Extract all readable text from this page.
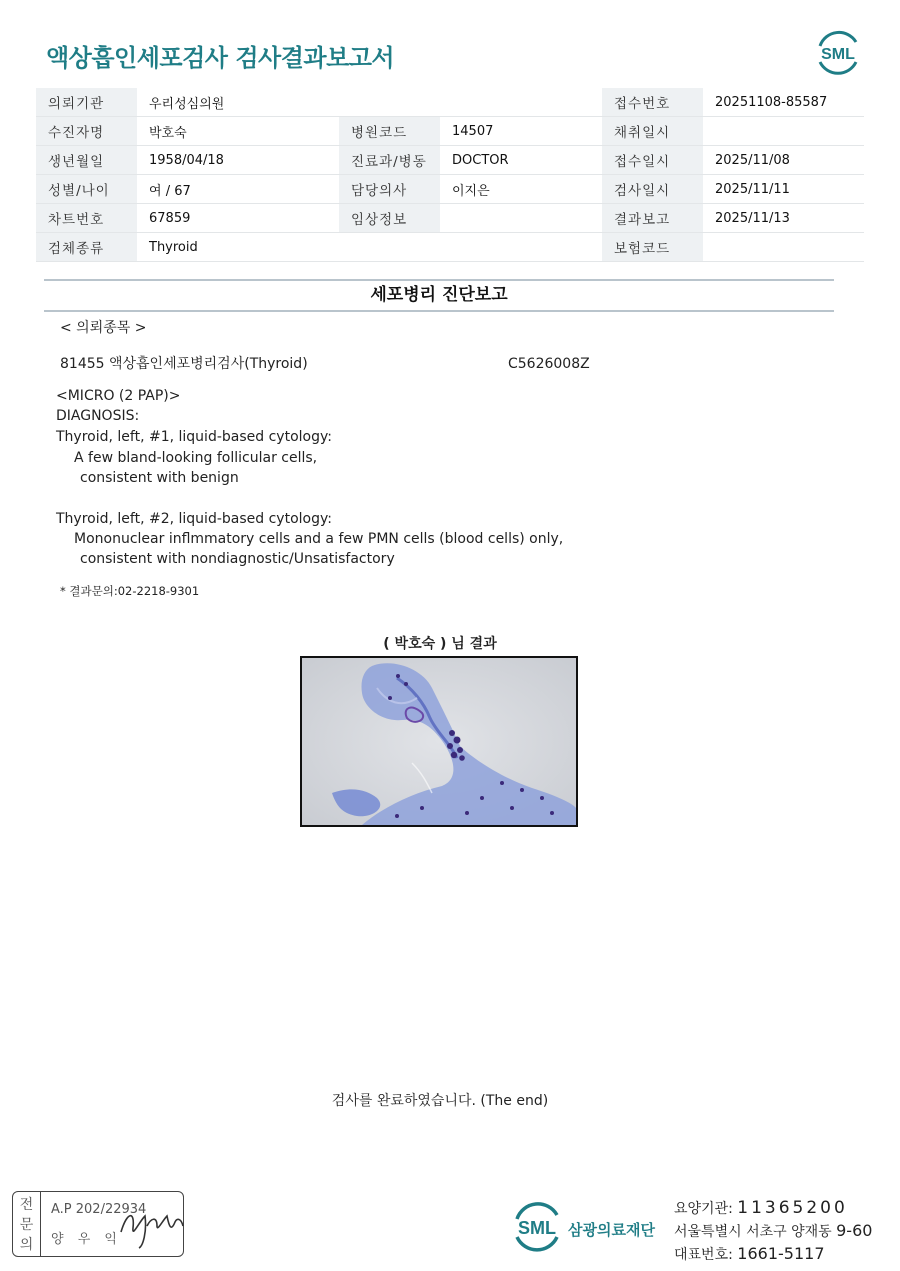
액상흡인세포검사 검사결과보고서	SML
의뢰기관	우리성심의원			접수번호	20251108-85587
수진자명	박호숙	병원코드	14507	채취일시	
생년월일	1958/04/18	진료과/병동	DOCTOR	접수일시	2025/11/08
성별/나이	여 / 67	담당의사	이지은	검사일시	2025/11/11
차트번호	67859	임상정보		결과보고	2025/11/13
검체종류	Thyroid			보험코드	
세포병리 진단보고
< 의뢰종목 >
81455 액상흡인세포병리검사(Thyroid)	C5626008Z
<MICRO (2 PAP)>
DIAGNOSIS:
Thyroid, left, #1, liquid-based cytology:
A few bland-looking follicular cells,
consistent with benign
Thyroid, left, #2, liquid-based cytology:
Mononuclear inflmmatory cells and a few PMN cells (blood cells) only,
consistent with nondiagnostic/Unsatisfactory
* 결과문의:02-2218-9301
( 박호숙 ) 님 결과
검사를 완료하였습니다. (The end)
전
문
의
A.P 202/22934
양 우 익
SML 삼광의료재단
요양기관: 11365200
서울특별시 서초구 양재동 9-60
대표번호: 1661-5117
